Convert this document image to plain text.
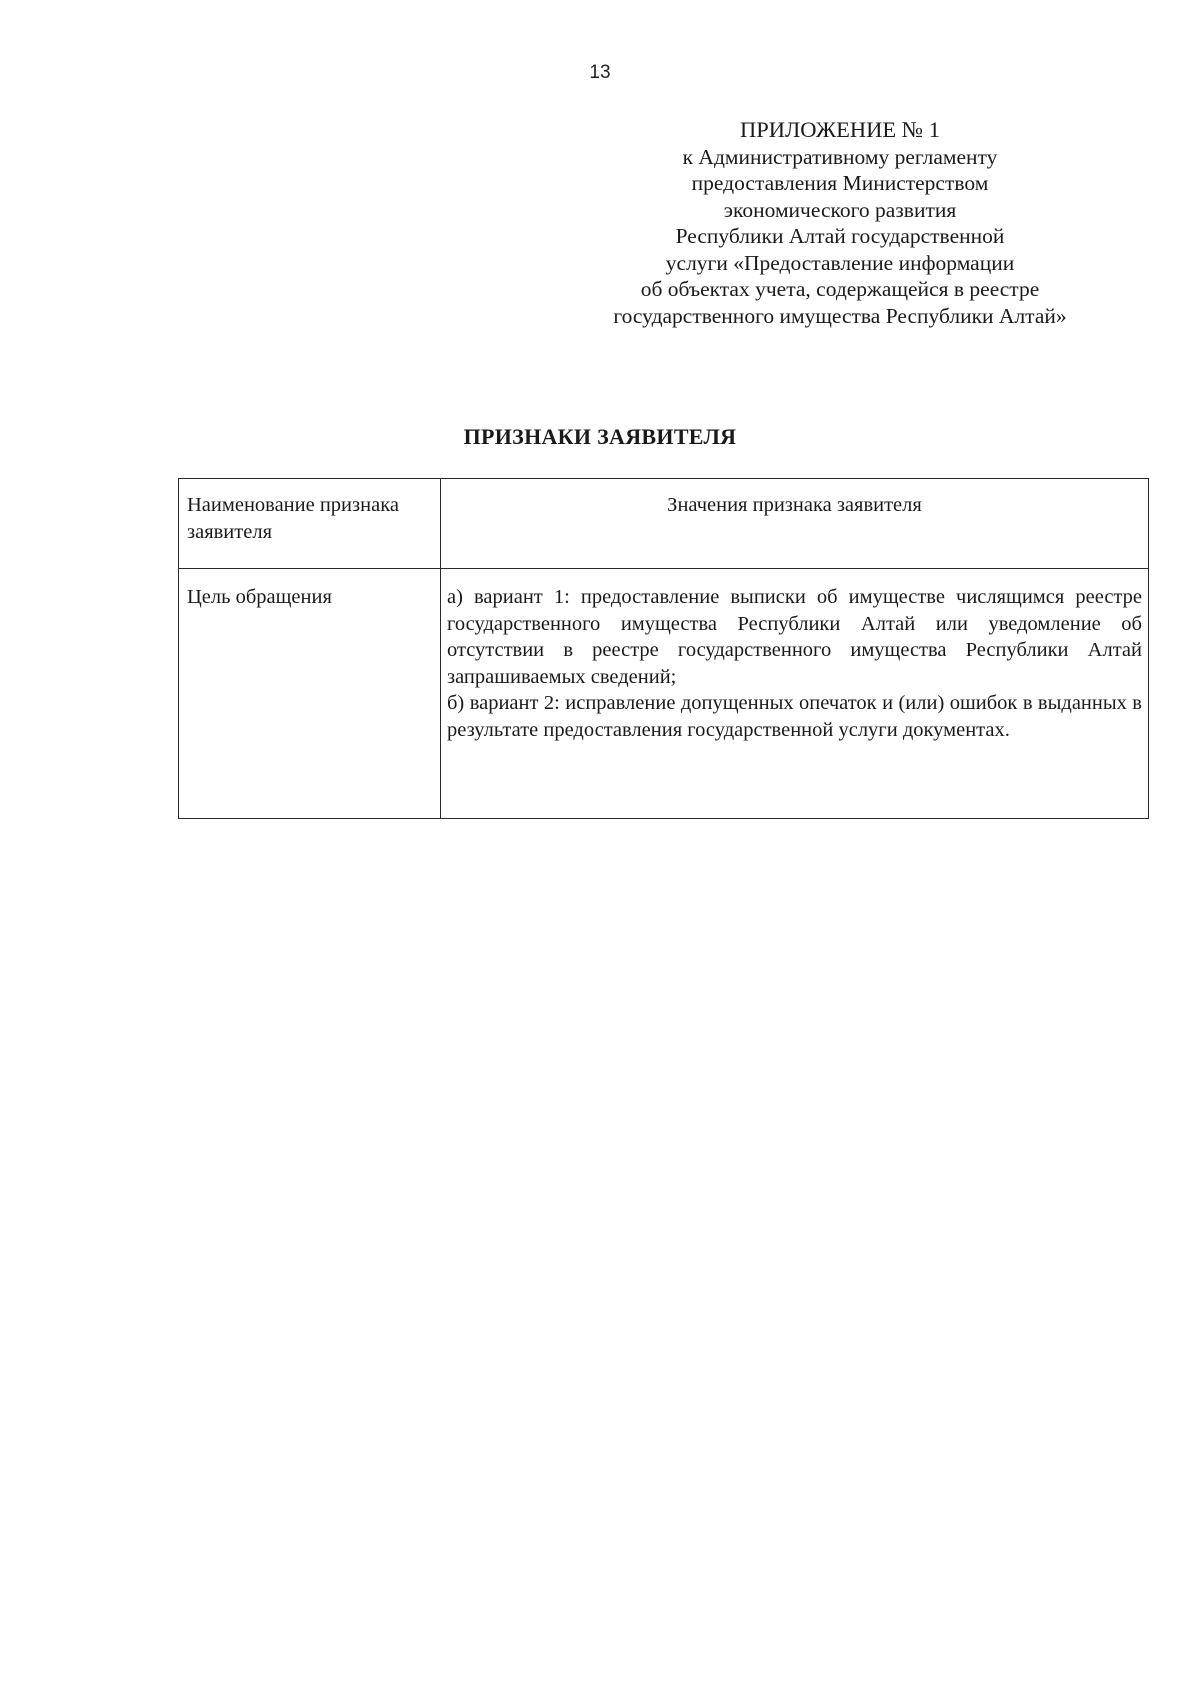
13
ПРИЛОЖЕНИЕ № 1
к Административному регламенту
предоставления Министерством
экономического развития
Республики Алтай государственной
услуги «Предоставление информации
об объектах учета, содержащейся в реестре
государственного имущества Республики Алтай»
ПРИЗНАКИ ЗАЯВИТЕЛЯ
Наименование признака заявителя	Значения признака заявителя
Цель обращения	а) вариант 1: предоставление выписки об имуществе числящимся реестре государственного имущества Республики Алтай или уведомление об отсутствии в реестре государственного имущества Республики Алтай запрашиваемых сведений;
б) вариант 2: исправление допущенных опечаток и (или) ошибок в выданных в результате предоставления государственной услуги документах.
